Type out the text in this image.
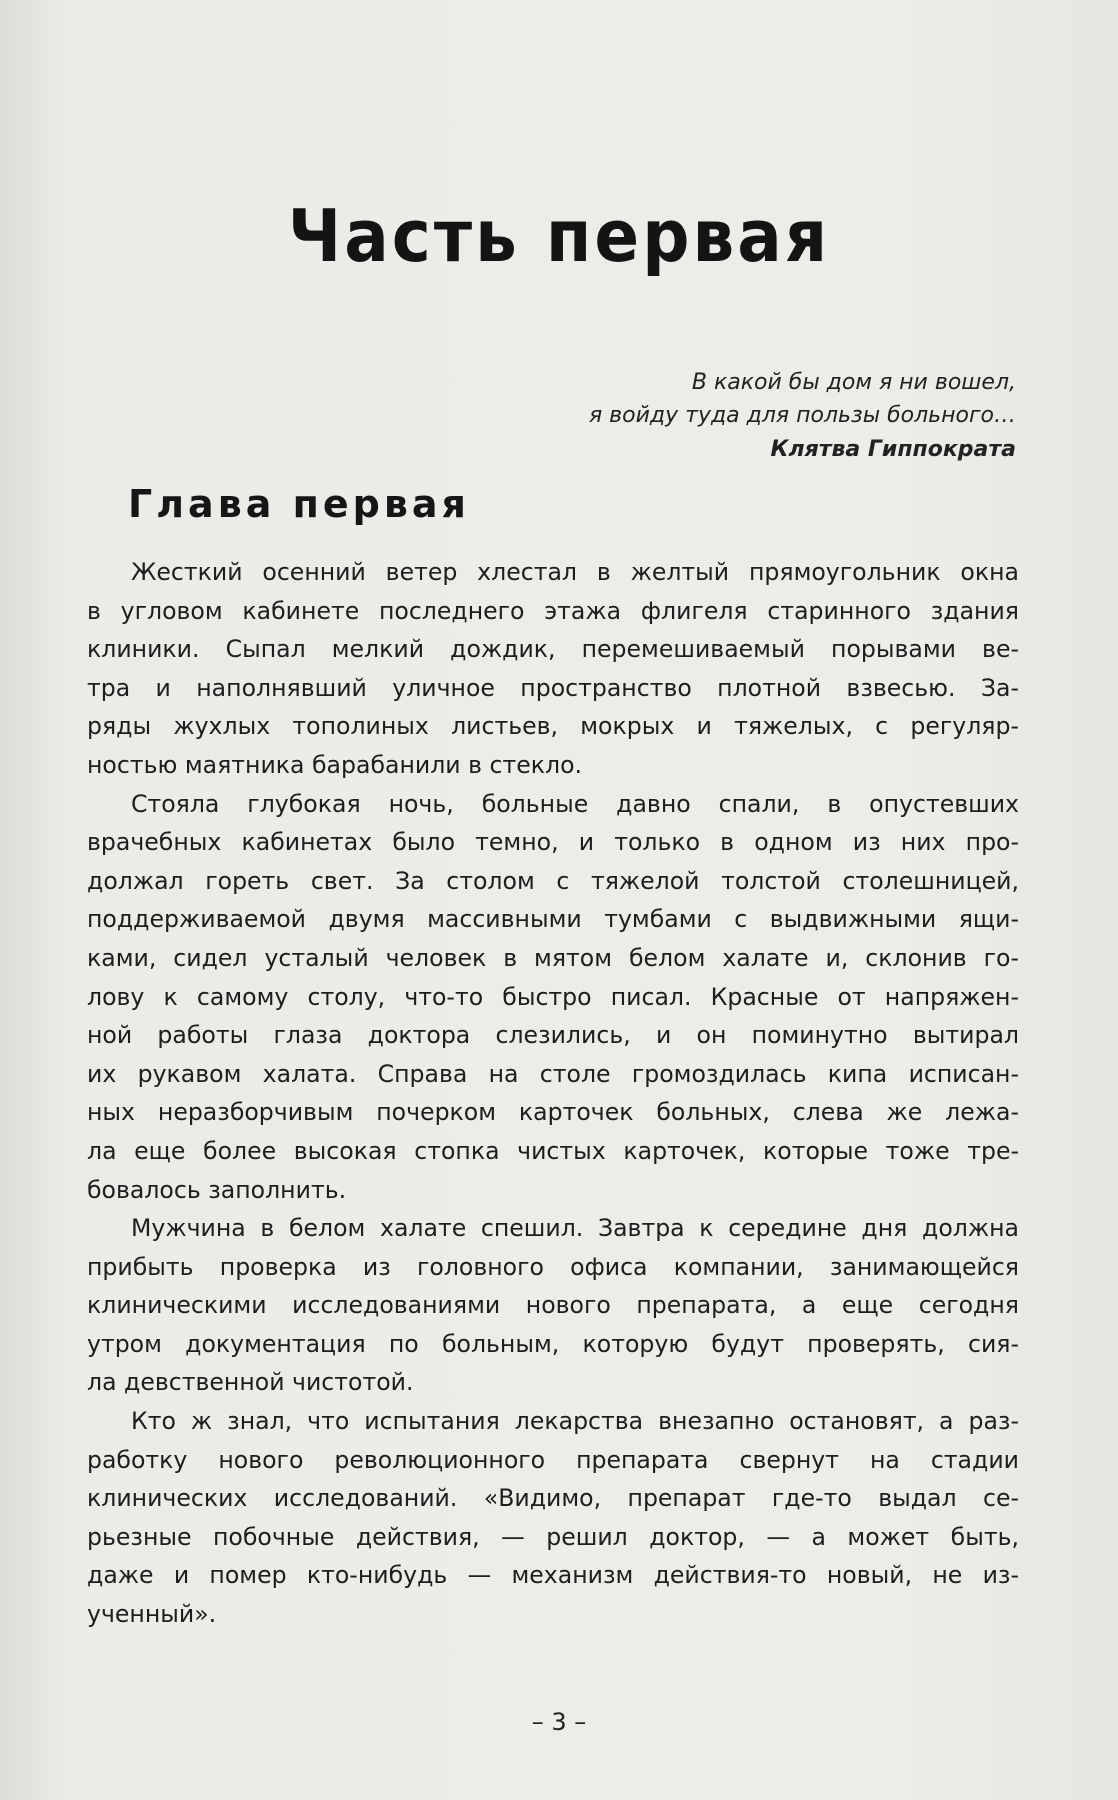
Часть первая
В какой бы дом я ни вошел,
я войду туда для пользы больного…
Клятва Гиппократа
Глава первая
Жесткий осенний ветер хлестал в желтый прямоугольник окна
в угловом кабинете последнего этажа флигеля старинного здания
клиники. Сыпал мелкий дождик, перемешиваемый порывами ве-
тра и наполнявший уличное пространство плотной взвесью. За-
ряды жухлых тополиных листьев, мокрых и тяжелых, с регуляр-
ностью маятника барабанили в стекло.
Стояла глубокая ночь, больные давно спали, в опустевших
врачебных кабинетах было темно, и только в одном из них про-
должал гореть свет. За столом с тяжелой толстой столешницей,
поддерживаемой двумя массивными тумбами с выдвижными ящи-
ками, сидел усталый человек в мятом белом халате и, склонив го-
лову к самому столу, что-то быстро писал. Красные от напряжен-
ной работы глаза доктора слезились, и он поминутно вытирал
их рукавом халата. Справа на столе громоздилась кипа исписан-
ных неразборчивым почерком карточек больных, слева же лежа-
ла еще более высокая стопка чистых карточек, которые тоже тре-
бовалось заполнить.
Мужчина в белом халате спешил. Завтра к середине дня должна
прибыть проверка из головного офиса компании, занимающейся
клиническими исследованиями нового препарата, а еще сегодня
утром документация по больным, которую будут проверять, сия-
ла девственной чистотой.
Кто ж знал, что испытания лекарства внезапно остановят, а раз-
работку нового революционного препарата свернут на стадии
клинических исследований. «Видимо, препарат где-то выдал се-
рьезные побочные действия, — решил доктор, — а может быть,
даже и помер кто-нибудь — механизм действия-то новый, не из-
ученный».
– 3 –
